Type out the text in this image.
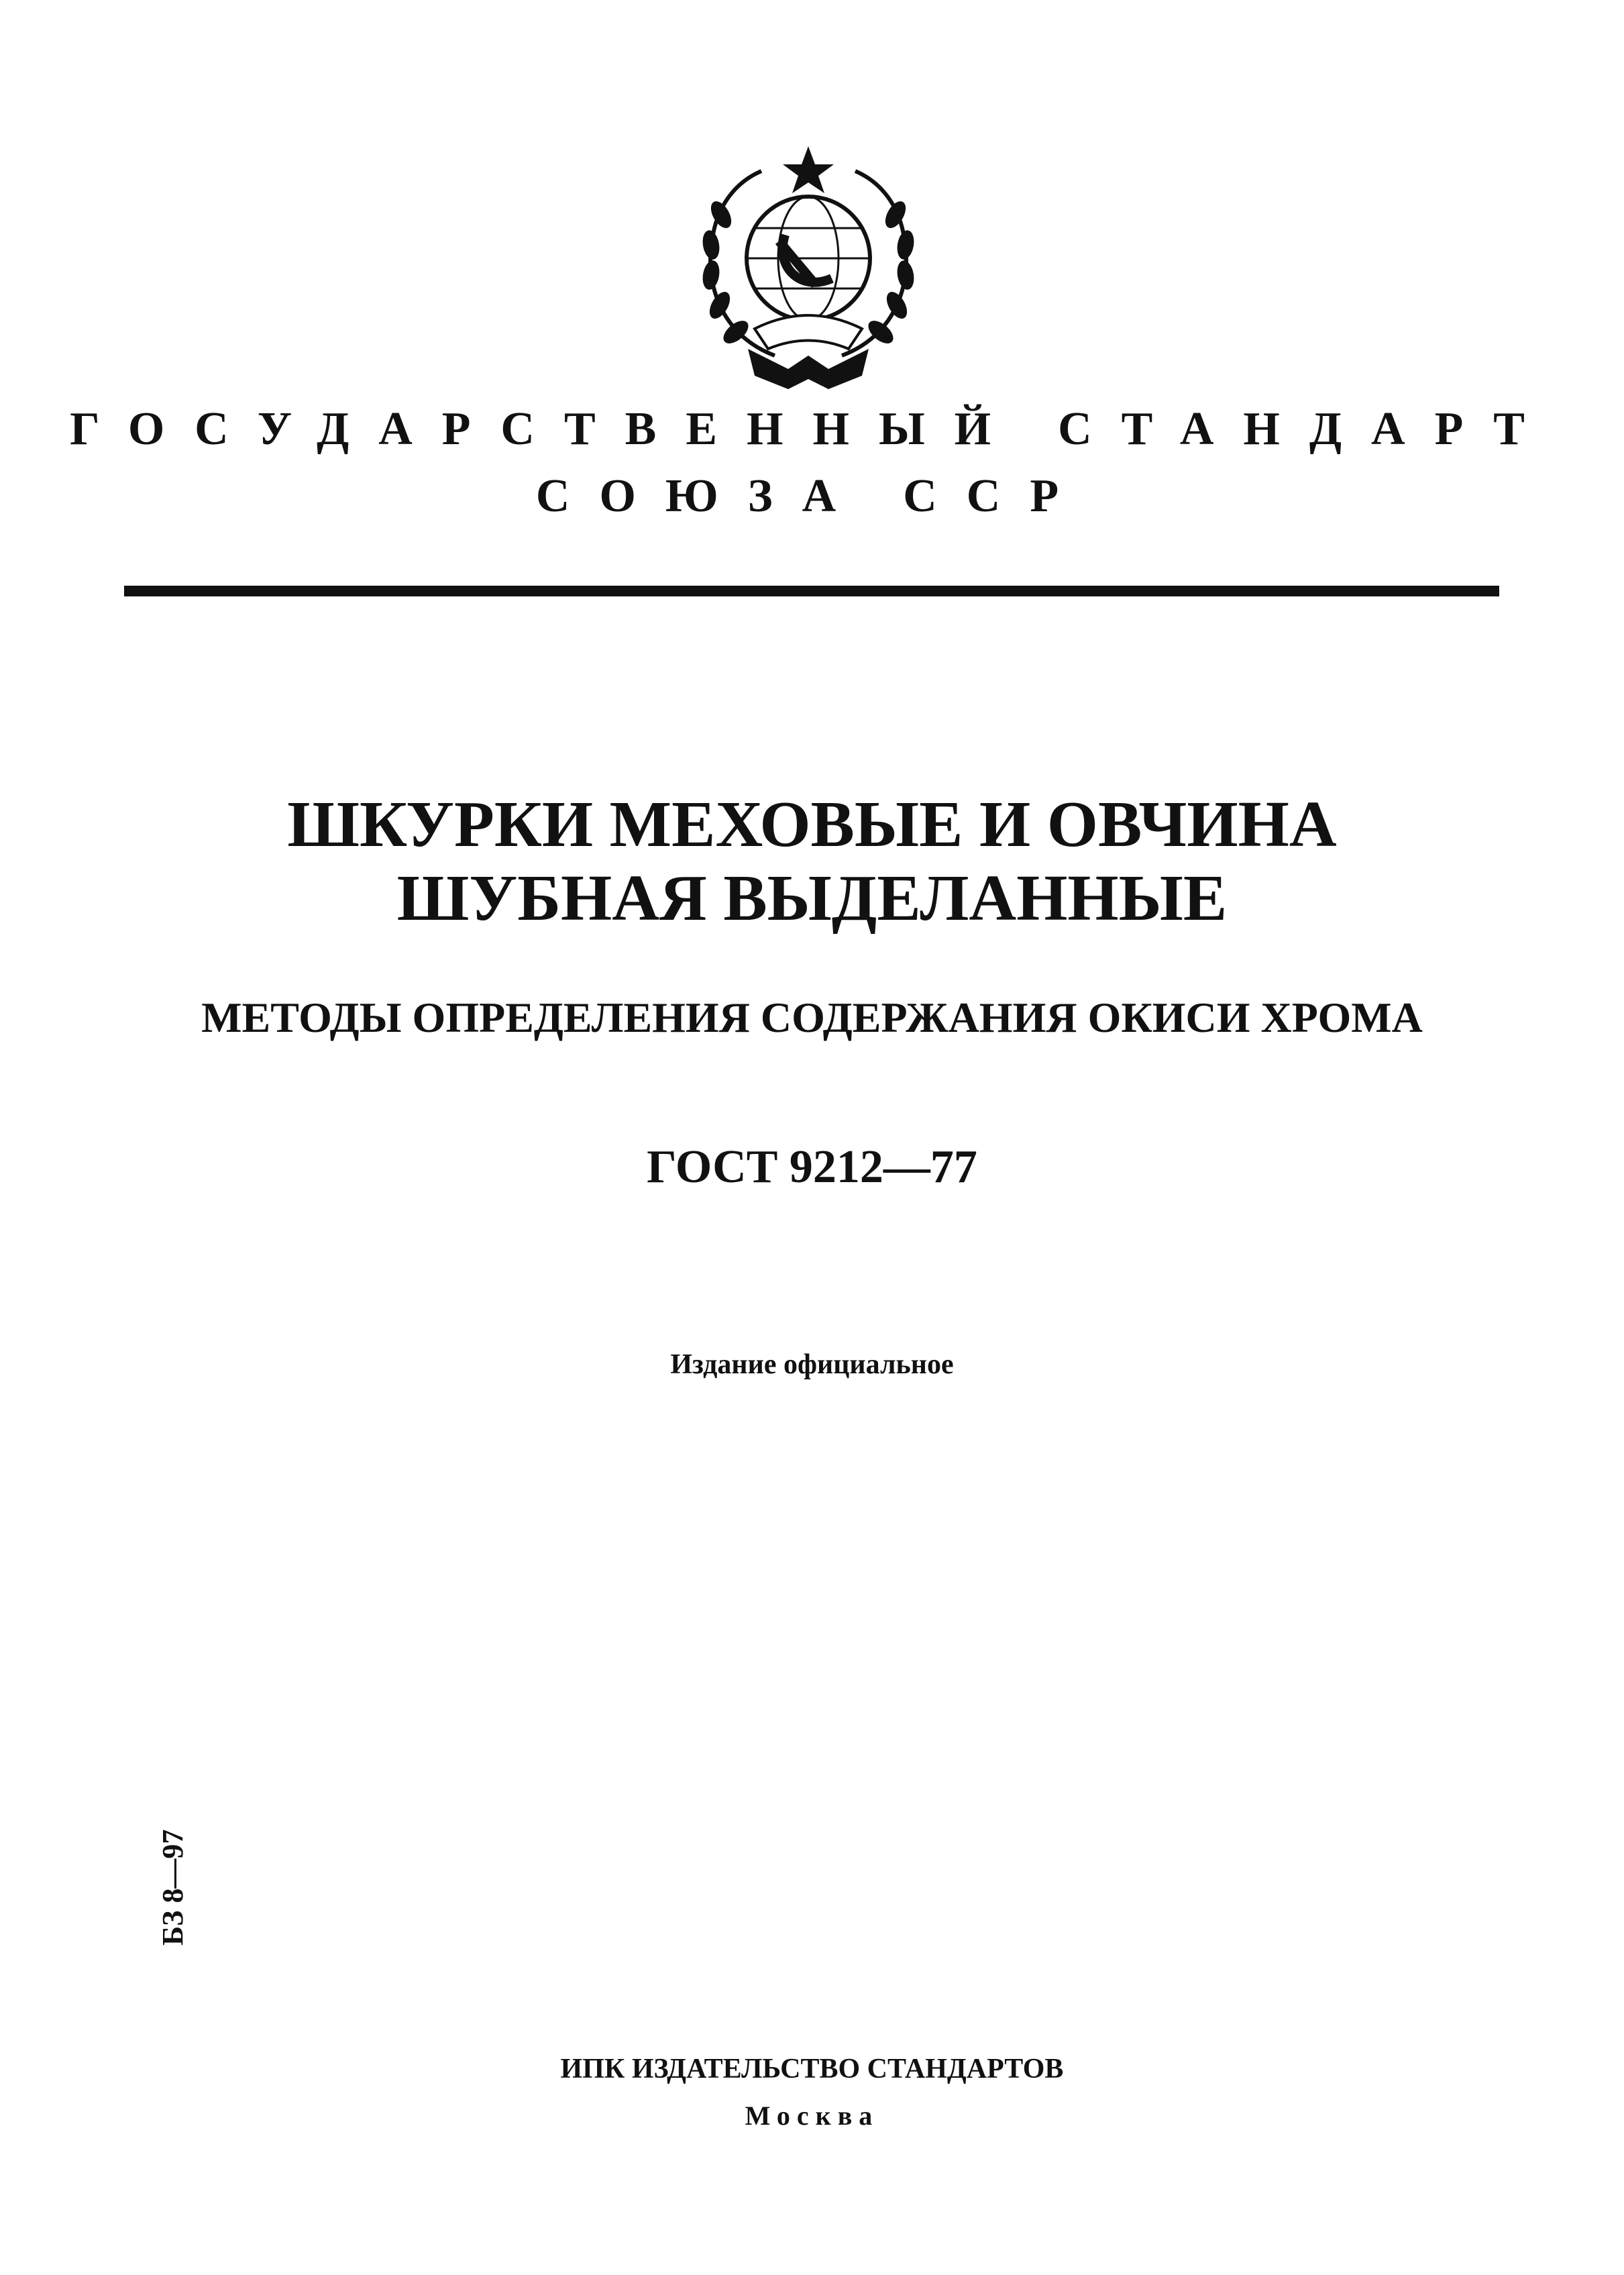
ГОСУДАРСТВЕННЫЙ СТАНДАРТ
СОЮЗА ССР
ШКУРКИ МЕХОВЫЕ И ОВЧИНА
ШУБНАЯ ВЫДЕЛАННЫЕ
МЕТОДЫ ОПРЕДЕЛЕНИЯ СОДЕРЖАНИЯ ОКИСИ ХРОМА
ГОСТ 9212—77
Издание официальное
БЗ 8—97
ИПК ИЗДАТЕЛЬСТВО СТАНДАРТОВ
Москва
